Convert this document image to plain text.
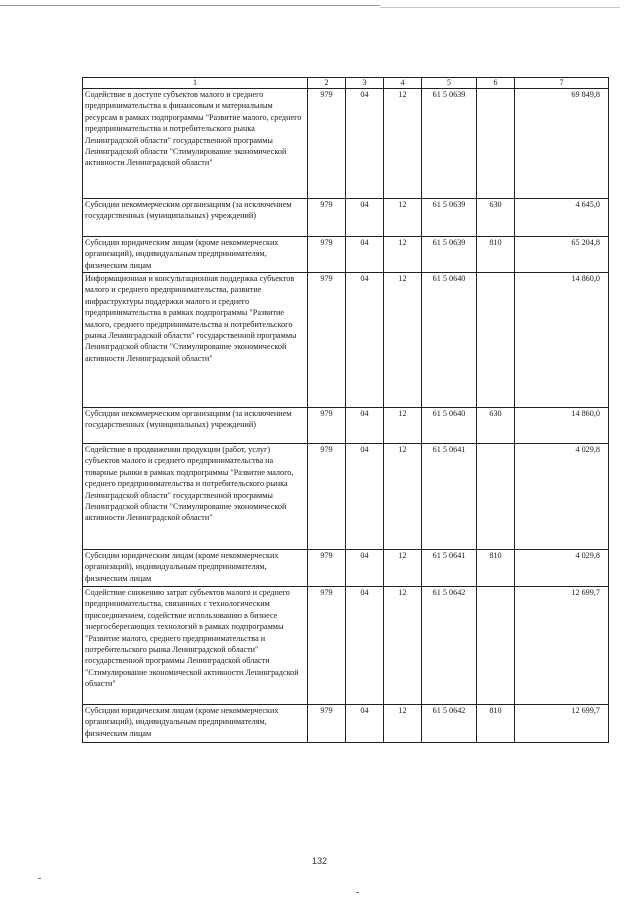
1	2	3	4	5	6	7
Содействие в доступе субъектов малого и среднего предпринимательства к финансовым и материальным ресурсам в рамках подпрограммы "Развитие малого, среднего предпринимательства и потребительского рынка Ленинградской области" государственной программы Ленинградской области "Стимулирование экономической активности Ленинградской области"	979	04	12	61 5 0639		69 849,8
Субсидии некоммерческим организациям (за исключением государственных (муниципальных) учреждений)	979	04	12	61 5 0639	630	4 645,0
Субсидии юридическим лицам (кроме некоммерческих организаций), индивидуальным предпринимателям, физическим лицам	979	04	12	61 5 0639	810	65 204,8
Информационная и консультационная поддержка субъектов малого и среднего предпринимательства, развитие инфраструктуры поддержки малого и среднего предпринимательства в рамках подпрограммы "Развитие малого, среднего предпринимательства и потребительского рынка Ленинградской области" государственной программы Ленинградской области "Стимулирование экономической активности Ленинградской области"	979	04	12	61 5 0640		14 860,0
Субсидии некоммерческим организациям (за исключением государственных (муниципальных) учреждений)	979	04	12	61 5 0640	630	14 860,0
Содействие в продвижении продукции (работ, услуг) субъектов малого и среднего предпринимательства на товарные рынки в рамках подпрограммы "Развитие малого, среднего предпринимательства и потребительского рынка Ленинградской области" государственной программы Ленинградской области "Стимулирование экономической активности Ленинградской области"	979	04	12	61 5 0641		4 029,8
Субсидии юридическим лицам (кроме некоммерческих организаций), индивидуальным предпринимателям, физическим лицам	979	04	12	61 5 0641	810	4 029,8
Содействие снижению затрат субъектов малого и среднего предпринимательства, связанных с технологическим присоединением, содействие использованию в бизнесе энергосберегающих технологий в рамках подпрограммы "Развитие малого, среднего предпринимательства и потребительского рынка Ленинградской области" государственной программы Ленинградской области "Стимулирование экономической активности Ленинградской области"	979	04	12	61 5 0642		12 699,7
Субсидии юридическим лицам (кроме некоммерческих организаций), индивидуальным предпринимателям, физическим лицам	979	04	12	61 5 0642	810	12 699,7
132
